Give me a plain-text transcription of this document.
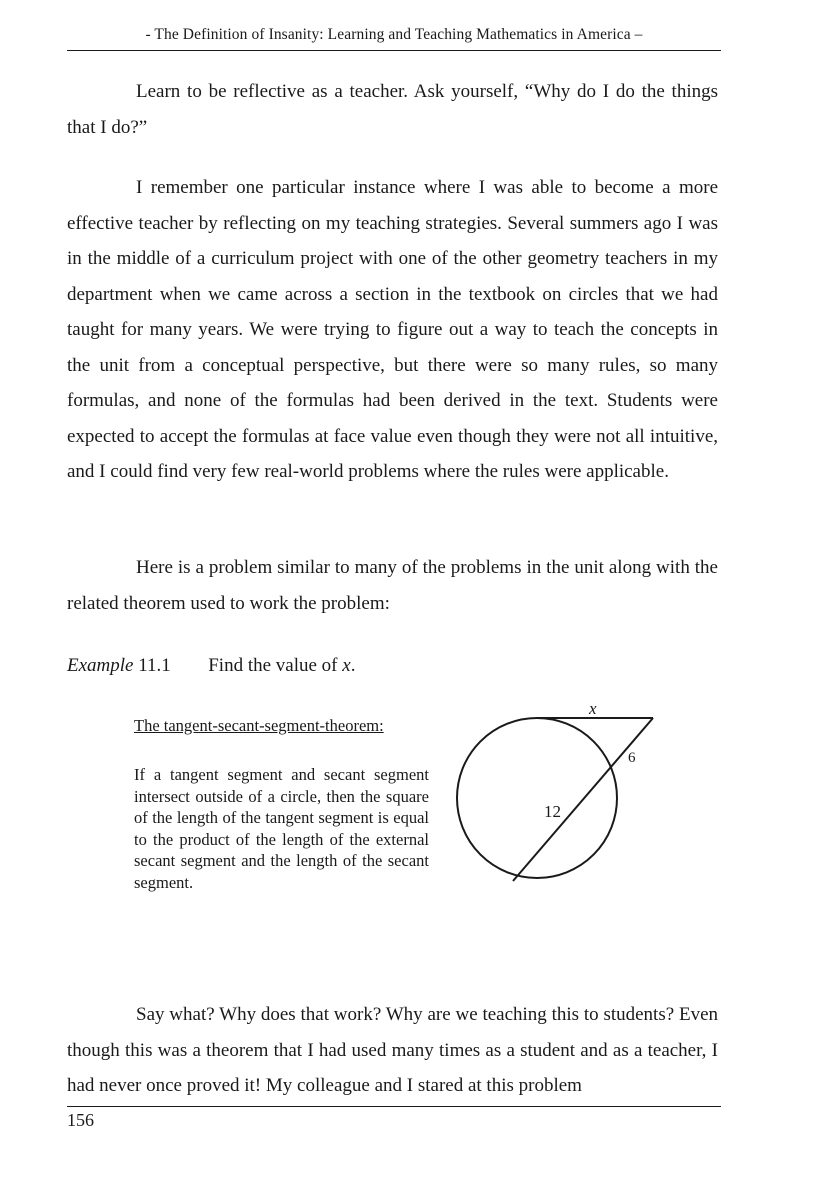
- The Definition of Insanity: Learning and Teaching Mathematics in America –

Learn to be reflective as a teacher. Ask yourself, “Why do I do the things that I do?”

I remember one particular instance where I was able to become a more effective teacher by reflecting on my teaching strategies. Several summers ago I was in the middle of a curriculum project with one of the other geometry teachers in my department when we came across a section in the textbook on circles that we had taught for many years. We were trying to figure out a way to teach the concepts in the unit from a conceptual perspective, but there were so many rules, so many formulas, and none of the formulas had been derived in the text. Students were expected to accept the formulas at face value even though they were not all intuitive, and I could find very few real-world problems where the rules were applicable.

Here is a problem similar to many of the problems in the unit along with the related theorem used to work the problem:

Example 11.1 Find the value of x.

The tangent-secant-segment-theorem:

If a tangent segment and secant segment intersect outside of a circle, then the square of the length of the tangent segment is equal to the product of the length of the external secant segment and the length of the secant segment.

x
6
12

Say what? Why does that work? Why are we teaching this to students? Even though this was a theorem that I had used many times as a student and as a teacher, I had never once proved it! My colleague and I stared at this problem

156
